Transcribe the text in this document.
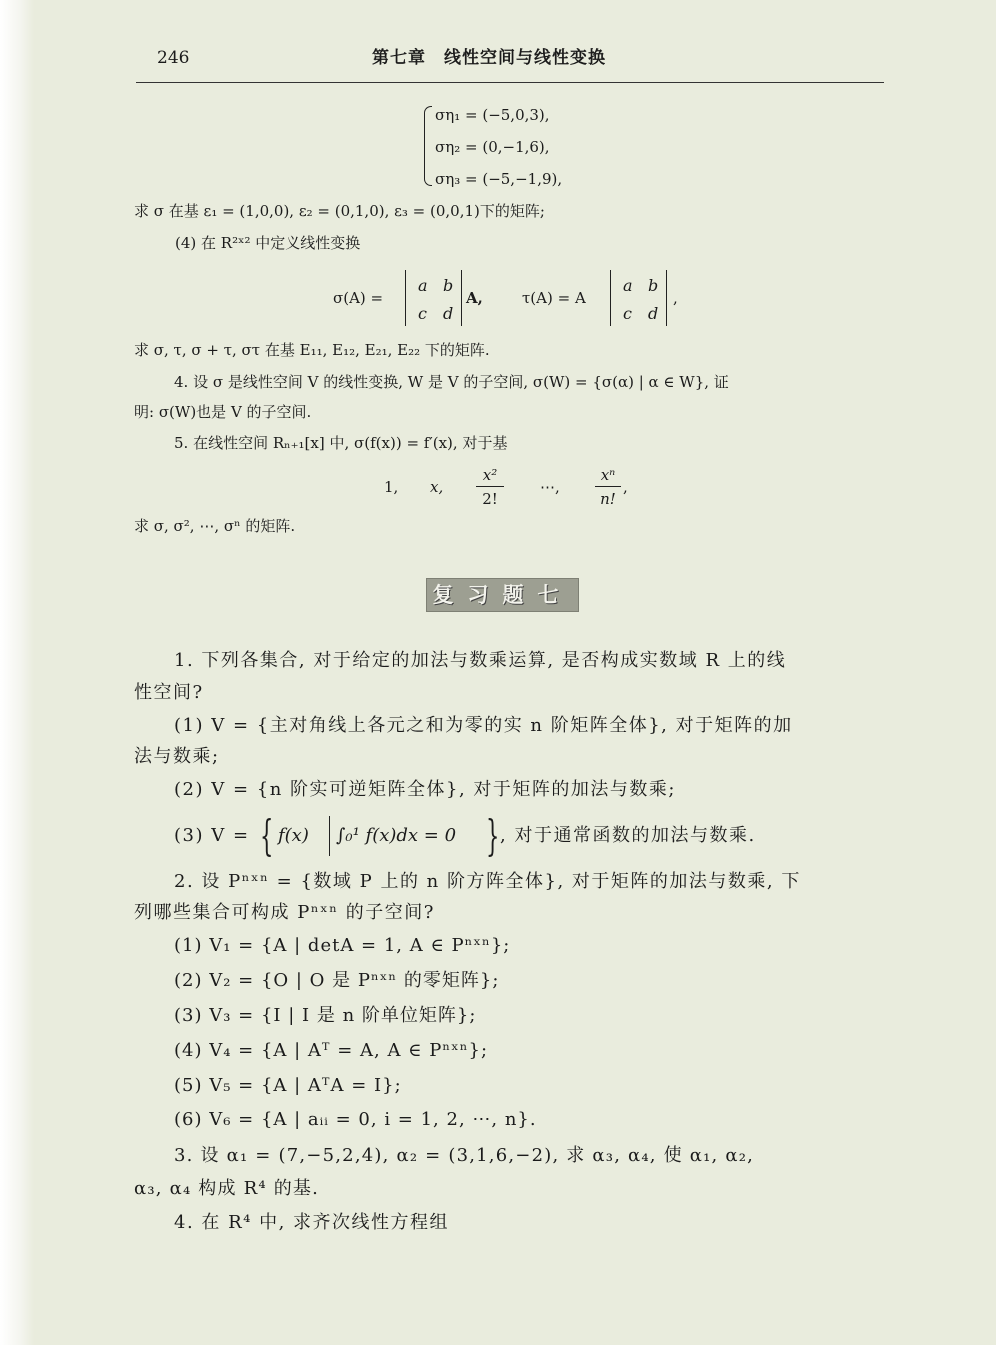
246	第七章　线性空间与线性变换
ση₁ = (−5,0,3),
ση₂ = (0,−1,6),
ση₃ = (−5,−1,9),
求 σ 在基 ε₁ = (1,0,0), ε₂ = (0,1,0), ε₃ = (0,0,1)下的矩阵;
(4) 在 R²ˣ² 中定义线性变换
σ(A) =
a b
c d
A,	τ(A) = A
a b
c d
,
求 σ, τ, σ + τ, στ 在基 E₁₁, E₁₂, E₂₁, E₂₂ 下的矩阵.
4. 设 σ 是线性空间 V 的线性变换, W 是 V 的子空间, σ(W) = {σ(α) | α ∈ W}, 证
明: σ(W)也是 V 的子空间.
5. 在线性空间 Rₙ₊₁[x] 中, σ(f(x)) = f′(x), 对于基
1, x,
x²
2!
⋯,
xⁿ
n!
,
求 σ, σ², ⋯, σⁿ 的矩阵.
复习题七
1. 下列各集合, 对于给定的加法与数乘运算, 是否构成实数域 R 上的线
性空间?
(1) V = {主对角线上各元之和为零的实 n 阶矩阵全体}, 对于矩阵的加
法与数乘;
(2) V = {n 阶实可逆矩阵全体}, 对于矩阵的加法与数乘;
(3) V = { f(x) ∫₀¹ f(x)dx = 0 } , 对于通常函数的加法与数乘.
2. 设 Pⁿˣⁿ = {数域 P 上的 n 阶方阵全体}, 对于矩阵的加法与数乘, 下
列哪些集合可构成 Pⁿˣⁿ 的子空间?
(1) V₁ = {A | detA = 1, A ∈ Pⁿˣⁿ};
(2) V₂ = {O | O 是 Pⁿˣⁿ 的零矩阵};
(3) V₃ = {I | I 是 n 阶单位矩阵};
(4) V₄ = {A | Aᵀ = A, A ∈ Pⁿˣⁿ};
(5) V₅ = {A | AᵀA = I};
(6) V₆ = {A | aᵢᵢ = 0, i = 1, 2, ⋯, n}.
3. 设 α₁ = (7,−5,2,4), α₂ = (3,1,6,−2), 求 α₃, α₄, 使 α₁, α₂,
α₃, α₄ 构成 R⁴ 的基.
4. 在 R⁴ 中, 求齐次线性方程组
